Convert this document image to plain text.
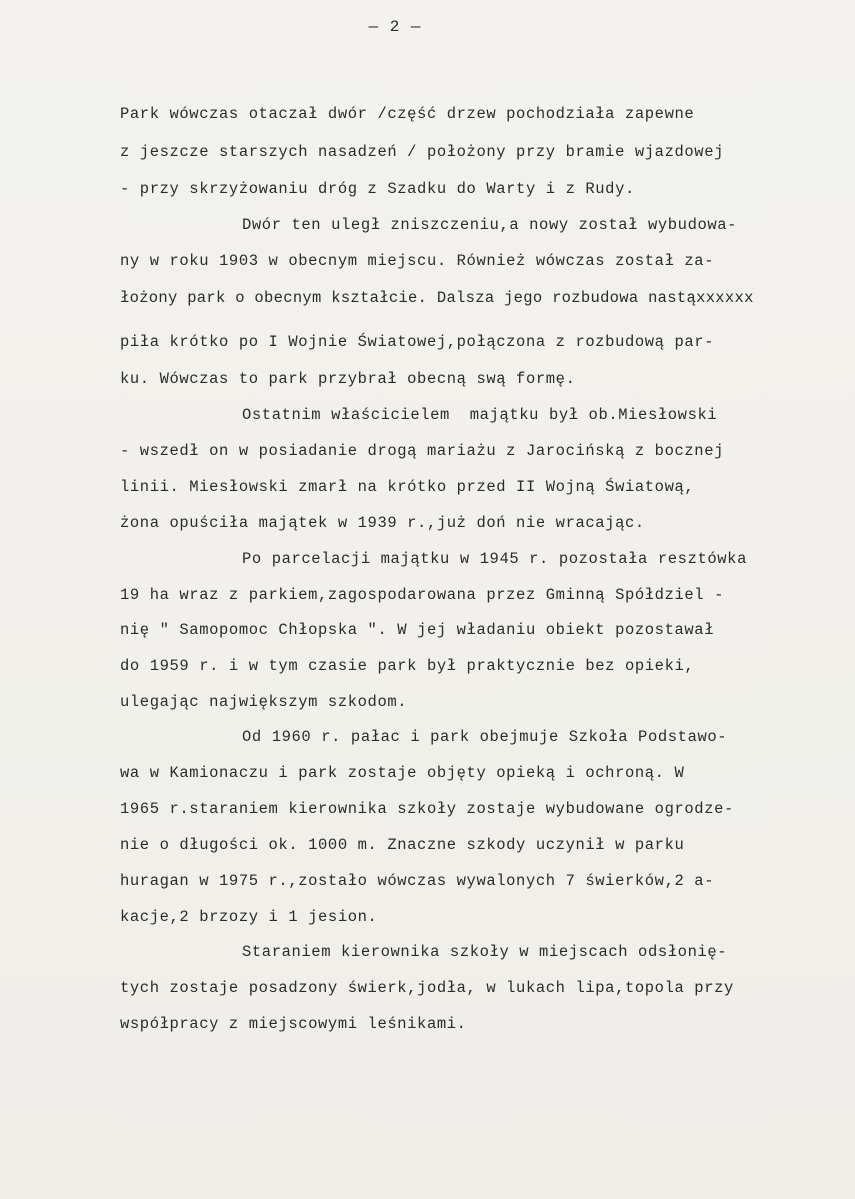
— 2 —
Park wówczas otaczał dwór /część drzew pochodziała zapewne
z jeszcze starszych nasadzeń / położony przy bramie wjazdowej
- przy skrzyżowaniu dróg z Szadku do Warty i z Rudy.
Dwór ten uległ zniszczeniu,a nowy został wybudowa-
ny w roku 1903 w obecnym miejscu. Również wówczas został za-
łożony park o obecnym kształcie. Dalsza jego rozbudowa nastąxxxxxx
piła krótko po I Wojnie Światowej,połączona z rozbudową par-
ku. Wówczas to park przybrał obecną swą formę.
Ostatnim właścicielem  majątku był ob.Miesłowski
- wszedł on w posiadanie drogą mariażu z Jarocińską z bocznej
linii. Miesłowski zmarł na krótko przed II Wojną Światową,
żona opuściła majątek w 1939 r.,już doń nie wracając.
Po parcelacji majątku w 1945 r. pozostała resztówka
19 ha wraz z parkiem,zagospodarowana przez Gminną Spółdziel -
nię " Samopomoc Chłopska ". W jej władaniu obiekt pozostawał
do 1959 r. i w tym czasie park był praktycznie bez opieki,
ulegając największym szkodom.
Od 1960 r. pałac i park obejmuje Szkoła Podstawo-
wa w Kamionaczu i park zostaje objęty opieką i ochroną. W
1965 r.staraniem kierownika szkoły zostaje wybudowane ogrodze-
nie o długości ok. 1000 m. Znaczne szkody uczynił w parku
huragan w 1975 r.,zostało wówczas wywalonych 7 świerków,2 a-
kacje,2 brzozy i 1 jesion.
Staraniem kierownika szkoły w miejscach odsłonię-
tych zostaje posadzony świerk,jodła, w lukach lipa,topola przy
współpracy z miejscowymi leśnikami.
